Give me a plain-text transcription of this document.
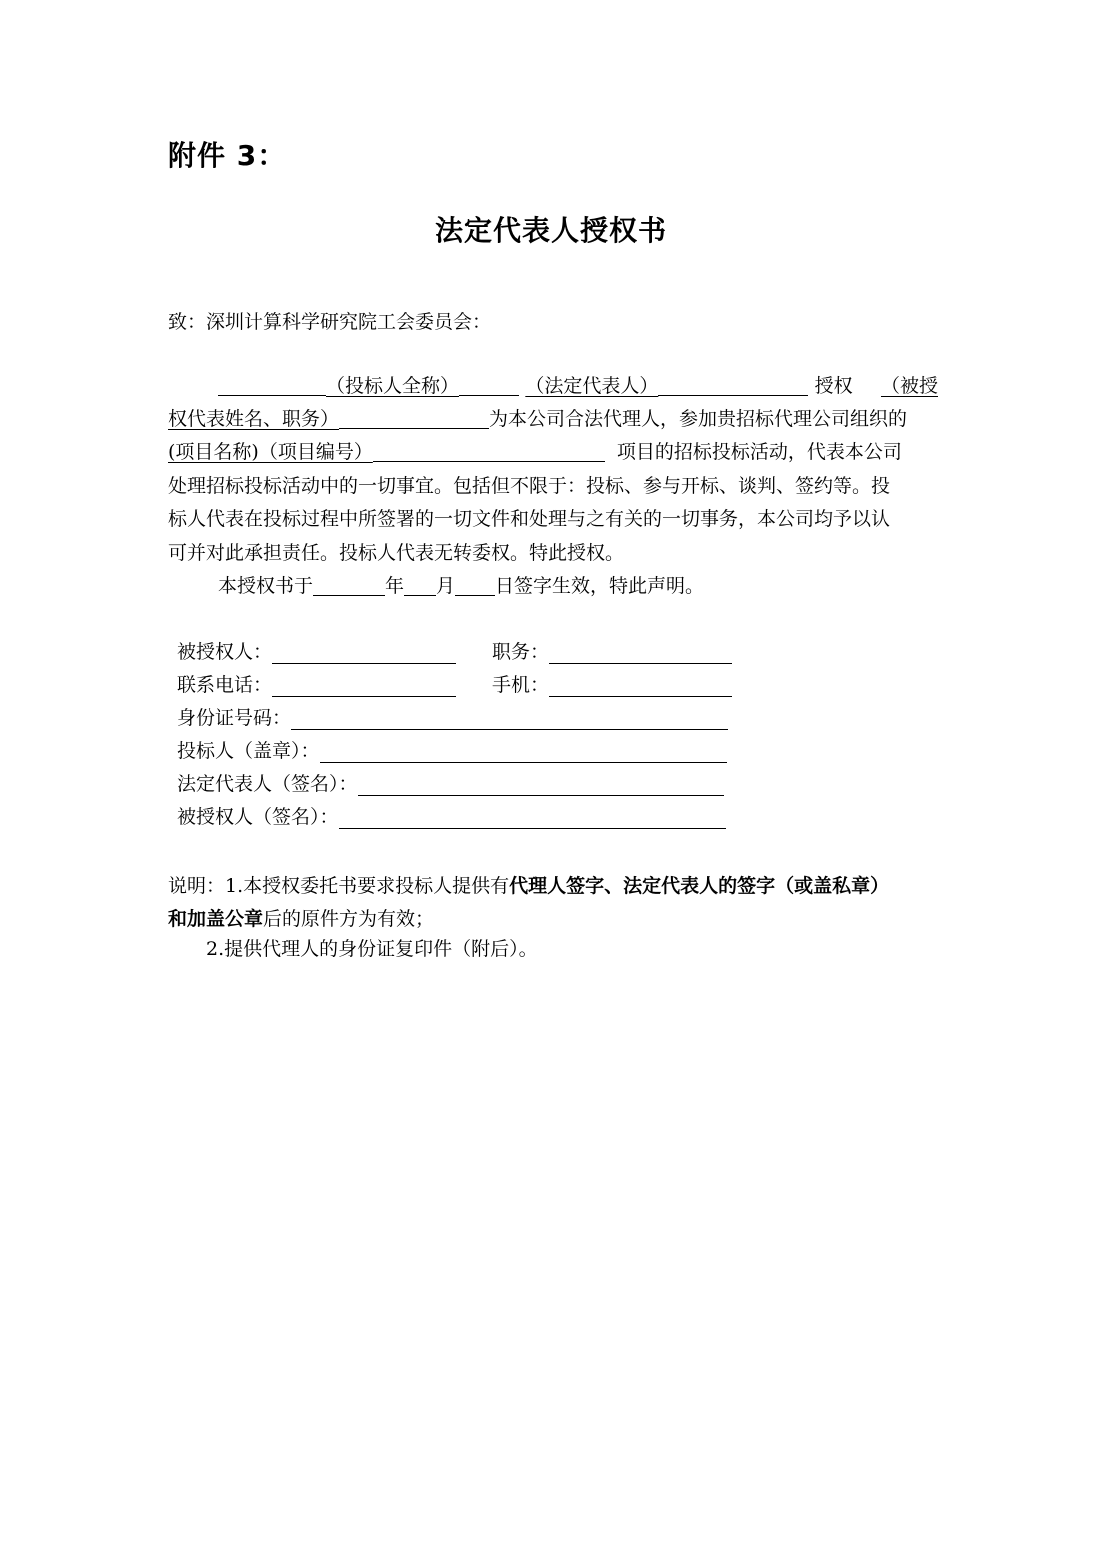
附件 3：
法定代表人授权书
致：深圳计算科学研究院工会委员会：
（投标人全称）	（法定代表人）	授权	（被授
权代表姓名、职务）	为本公司合法代理人，参加贵招标代理公司组织的
(项目名称)（项目编号）	项目的招标投标活动，代表本公司
处理招标投标活动中的一切事宜。包括但不限于：投标、参与开标、谈判、签约等。投
标人代表在投标过程中所签署的一切文件和处理与之有关的一切事务，本公司均予以认
可并对此承担责任。投标人代表无转委权。特此授权。
本授权书于	年 月 日签字生效，特此声明。
被授权人：	职务：
联系电话：	手机：
身份证号码：
投标人（盖章）：
法定代表人（签名）：
被授权人（签名）：
说明：1.本授权委托书要求投标人提供有代理人签字、法定代表人的签字（或盖私章）
和加盖公章后的原件方为有效；
2.提供代理人的身份证复印件（附后）。
